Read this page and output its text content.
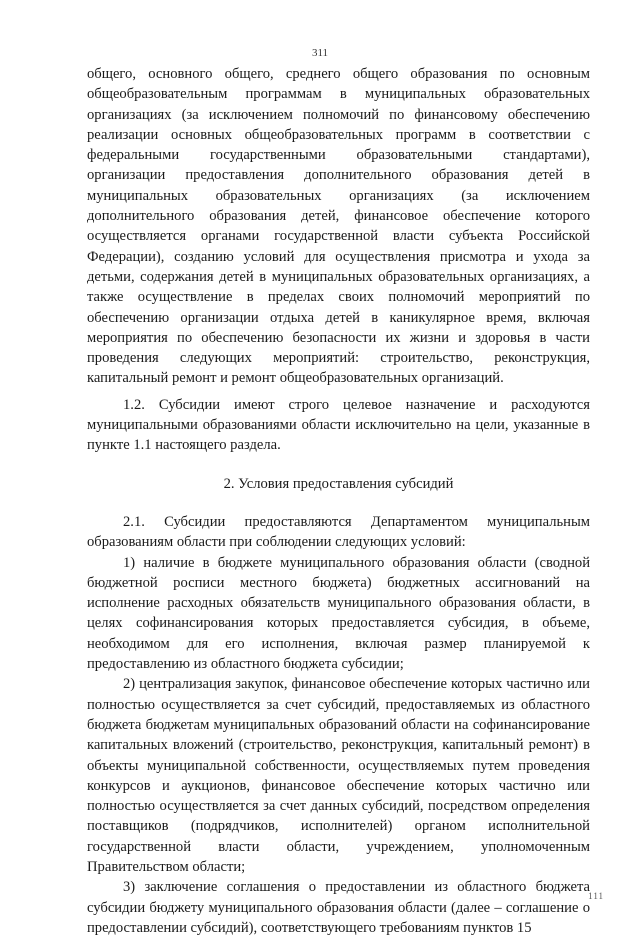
311

общего, основного общего, среднего общего образования по основным общеобразовательным программам в муниципальных образовательных организациях (за исключением полномочий по финансовому обеспечению реализации основных общеобразовательных программ в соответствии с федеральными государственными образовательными стандартами), организации предоставления дополнительного образования детей в муниципальных образовательных организациях (за исключением дополнительного образования детей, финансовое обеспечение которого осуществляется органами государственной власти субъекта Российской Федерации), созданию условий для осуществления присмотра и ухода за детьми, содержания детей в муниципальных образовательных организациях, а также осуществление в пределах своих полномочий мероприятий по обеспечению организации отдыха детей в каникулярное время, включая мероприятия по обеспечению безопасности их жизни и здоровья в части проведения следующих мероприятий: строительство, реконструкция, капитальный ремонт и ремонт общеобразовательных организаций.

1.2. Субсидии имеют строго целевое назначение и расходуются муниципальными образованиями области исключительно на цели, указанные в пункте 1.1 настоящего раздела.

2. Условия предоставления субсидий

2.1. Субсидии предоставляются Департаментом муниципальным образованиям области при соблюдении следующих условий:

1) наличие в бюджете муниципального образования области (сводной бюджетной росписи местного бюджета) бюджетных ассигнований на исполнение расходных обязательств муниципального образования области, в целях софинансирования которых предоставляется субсидия, в объеме, необходимом для его исполнения, включая размер планируемой к предоставлению из областного бюджета субсидии;

2) централизация закупок, финансовое обеспечение которых частично или полностью осуществляется за счет субсидий, предоставляемых из областного бюджета бюджетам муниципальных образований области на софинансирование капитальных вложений (строительство, реконструкция, капитальный ремонт) в объекты муниципальной собственности, осуществляемых путем проведения конкурсов и аукционов, финансовое обеспечение которых частично или полностью осуществляется за счет данных субсидий, посредством определения поставщиков (подрядчиков, исполнителей) органом исполнительной государственной власти области, учреждением, уполномоченным Правительством области;

3) заключение соглашения о предоставлении из областного бюджета субсидии бюджету муниципального образования области (далее – соглашение о предоставлении субсидий), соответствующего требованиям пунктов 15

111
